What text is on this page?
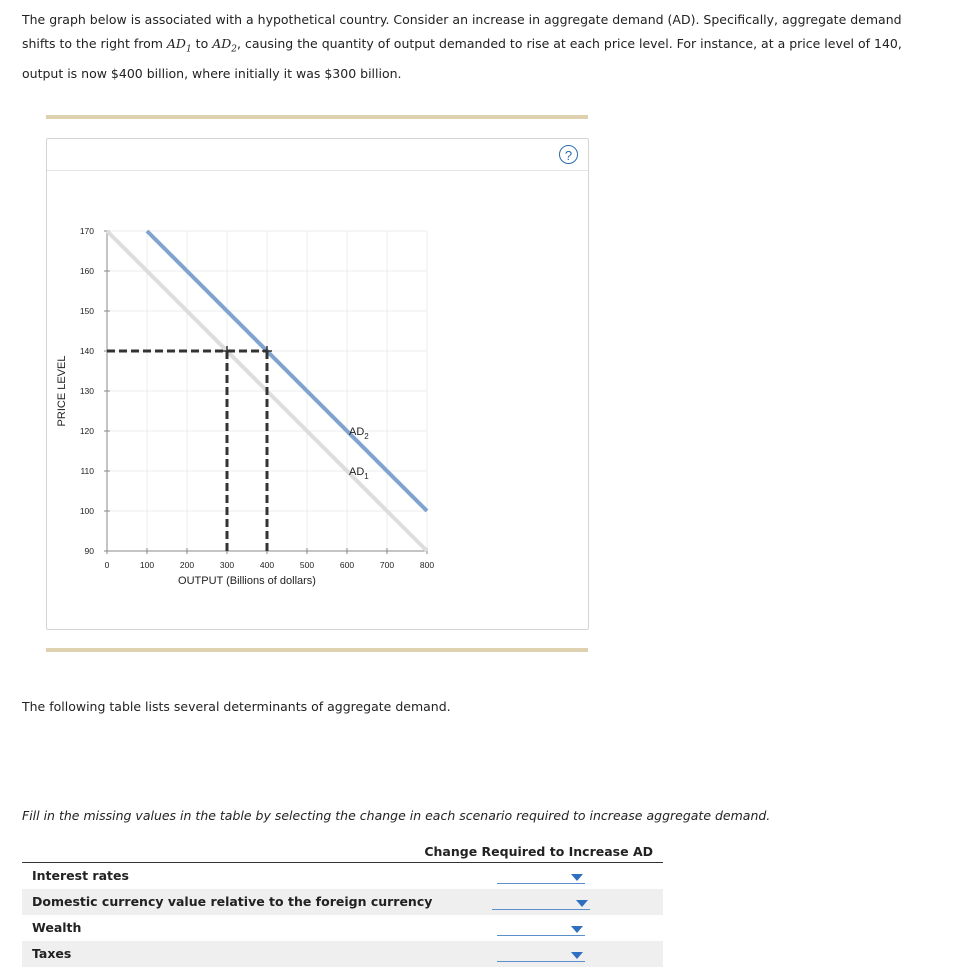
The graph below is associated with a hypothetical country. Consider an increase in aggregate demand (AD). Specifically, aggregate demand shifts to the right from $AD_1$ to $AD_2$, causing the quantity of output demanded to rise at each price level. For instance, at a price level of 140, output is now $400 billion, where initially it was $300 billion.
?
0	100	200	300	400	500	600	700	800
90
100
110
120
130
140
150
160
170
$AD_2$
$AD_1$
PRICE LEVEL
OUTPUT (Billions of dollars)
The following table lists several determinants of aggregate demand.
Fill in the missing values in the table by selecting the change in each scenario required to increase aggregate demand.
Change Required to Increase AD
Interest rates
Domestic currency value relative to the foreign currency
Wealth
Taxes
